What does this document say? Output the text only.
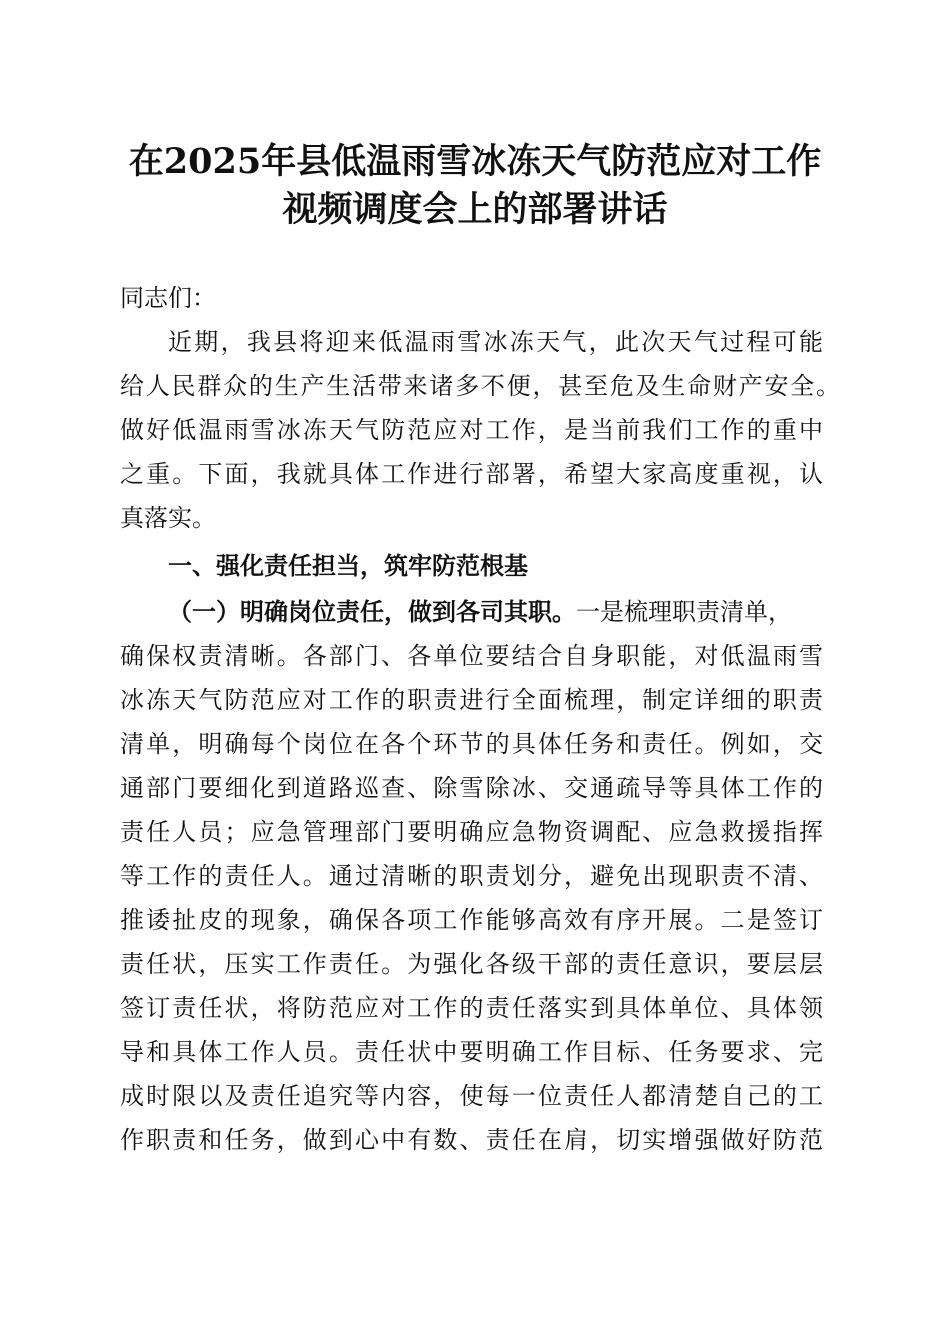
在2025年县低温雨雪冰冻天气防范应对工作
视频调度会上的部署讲话
同志们：
近期，我县将迎来低温雨雪冰冻天气，此次天气过程可能
给人民群众的生产生活带来诸多不便，甚至危及生命财产安全。
做好低温雨雪冰冻天气防范应对工作，是当前我们工作的重中
之重。下面，我就具体工作进行部署，希望大家高度重视，认
真落实。
一、强化责任担当，筑牢防范根基
（一）明确岗位责任，做到各司其职。一是梳理职责清单，
确保权责清晰。各部门、各单位要结合自身职能，对低温雨雪
冰冻天气防范应对工作的职责进行全面梳理，制定详细的职责
清单，明确每个岗位在各个环节的具体任务和责任。例如，交
通部门要细化到道路巡查、除雪除冰、交通疏导等具体工作的
责任人员；应急管理部门要明确应急物资调配、应急救援指挥
等工作的责任人。通过清晰的职责划分，避免出现职责不清、
推诿扯皮的现象，确保各项工作能够高效有序开展。二是签订
责任状，压实工作责任。为强化各级干部的责任意识，要层层
签订责任状，将防范应对工作的责任落实到具体单位、具体领
导和具体工作人员。责任状中要明确工作目标、任务要求、完
成时限以及责任追究等内容，使每一位责任人都清楚自己的工
作职责和任务，做到心中有数、责任在肩，切实增强做好防范
